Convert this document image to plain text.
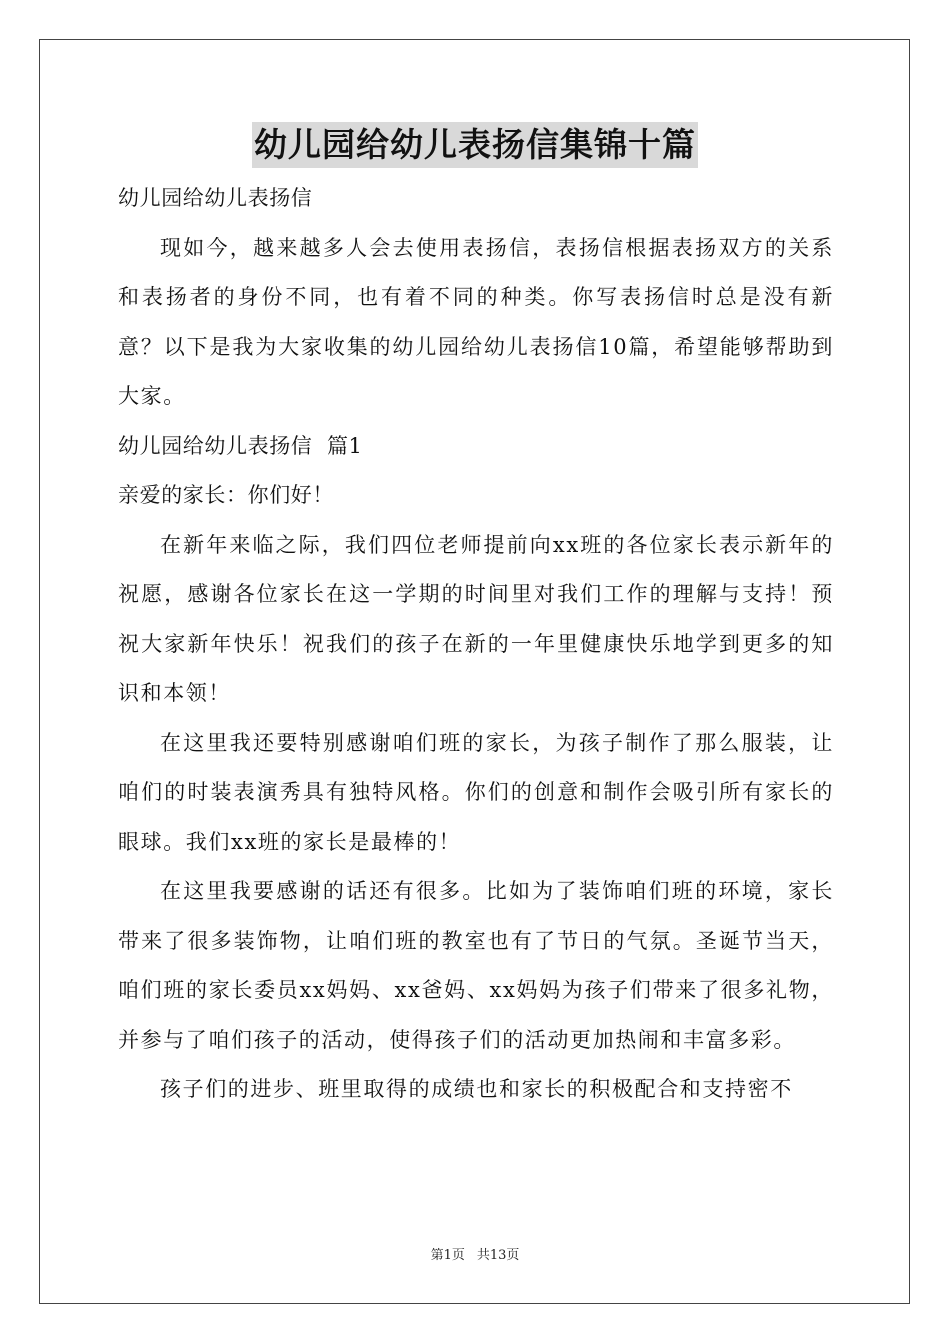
幼儿园给幼儿表扬信集锦十篇

幼儿园给幼儿表扬信

现如今，越来越多人会去使用表扬信，表扬信根据表扬双方的关系和表扬者的身份不同，也有着不同的种类。你写表扬信时总是没有新意？以下是我为大家收集的幼儿园给幼儿表扬信10篇，希望能够帮助到大家。

幼儿园给幼儿表扬信  篇1

亲爱的家长：你们好！

在新年来临之际，我们四位老师提前向xx班的各位家长表示新年的祝愿，感谢各位家长在这一学期的时间里对我们工作的理解与支持！预祝大家新年快乐！祝我们的孩子在新的一年里健康快乐地学到更多的知识和本领！

在这里我还要特别感谢咱们班的家长，为孩子制作了那么服装，让咱们的时装表演秀具有独特风格。你们的创意和制作会吸引所有家长的眼球。我们xx班的家长是最棒的！

在这里我要感谢的话还有很多。比如为了装饰咱们班的环境，家长带来了很多装饰物，让咱们班的教室也有了节日的气氛。圣诞节当天，咱们班的家长委员xx妈妈、xx爸妈、xx妈妈为孩子们带来了很多礼物，并参与了咱们孩子的活动，使得孩子们的活动更加热闹和丰富多彩。

孩子们的进步、班里取得的成绩也和家长的积极配合和支持密不

第1页 共13页
